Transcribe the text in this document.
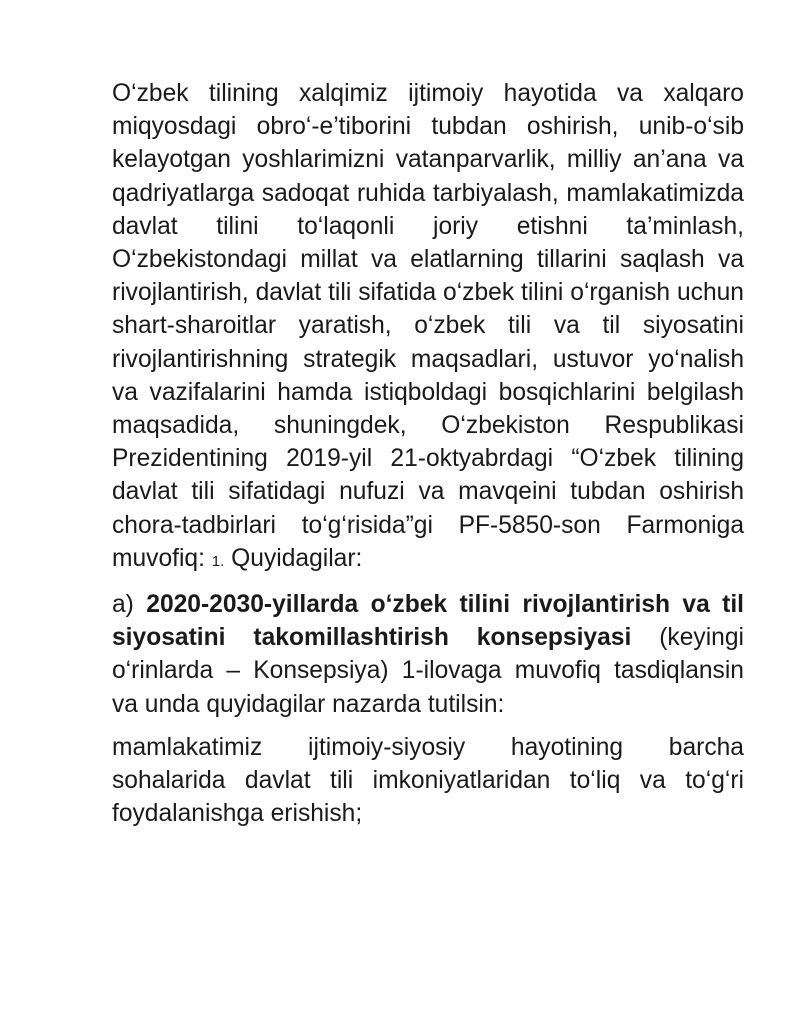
O‘zbek tilining xalqimiz ijtimoiy hayotida va xalqaro miqyosdagi obro‘-e’tiborini tubdan oshirish, unib-o‘sib kelayotgan yoshlarimizni vatanparvarlik, milliy an’ana va qadriyatlarga sadoqat ruhida tarbiyalash, mamlakatimizda davlat tilini to‘laqonli joriy etishni ta’minlash, O‘zbekistondagi millat va elatlarning tillarini saqlash va rivojlantirish, davlat tili sifatida o‘zbek tilini o‘rganish uchun shart-sharoitlar yaratish, o‘zbek tili va til siyosatini rivojlantirishning strategik maqsadlari, ustuvor yo‘nalish va vazifalarini hamda istiqboldagi bosqichlarini belgilash maqsadida, shuningdek, O‘zbekiston Respublikasi Prezidentining 2019-yil 21-oktyabrdagi “O‘zbek tilining davlat tili sifatidagi nufuzi va mavqeini tubdan oshirish chora-tadbirlari to‘g‘risida”gi PF-5850-son Farmoniga muvofiq: 1. Quyidagilar:

a) 2020-2030-yillarda o‘zbek tilini rivojlantirish va til siyosatini takomillashtirish konsepsiyasi (keyingi o‘rinlarda – Konsepsiya) 1-ilovaga muvofiq tasdiqlansin va unda quyidagilar nazarda tutilsin:

mamlakatimiz ijtimoiy-siyosiy hayotining barcha sohalarida davlat tili imkoniyatlaridan to‘liq va to‘g‘ri foydalanishga erishish;
